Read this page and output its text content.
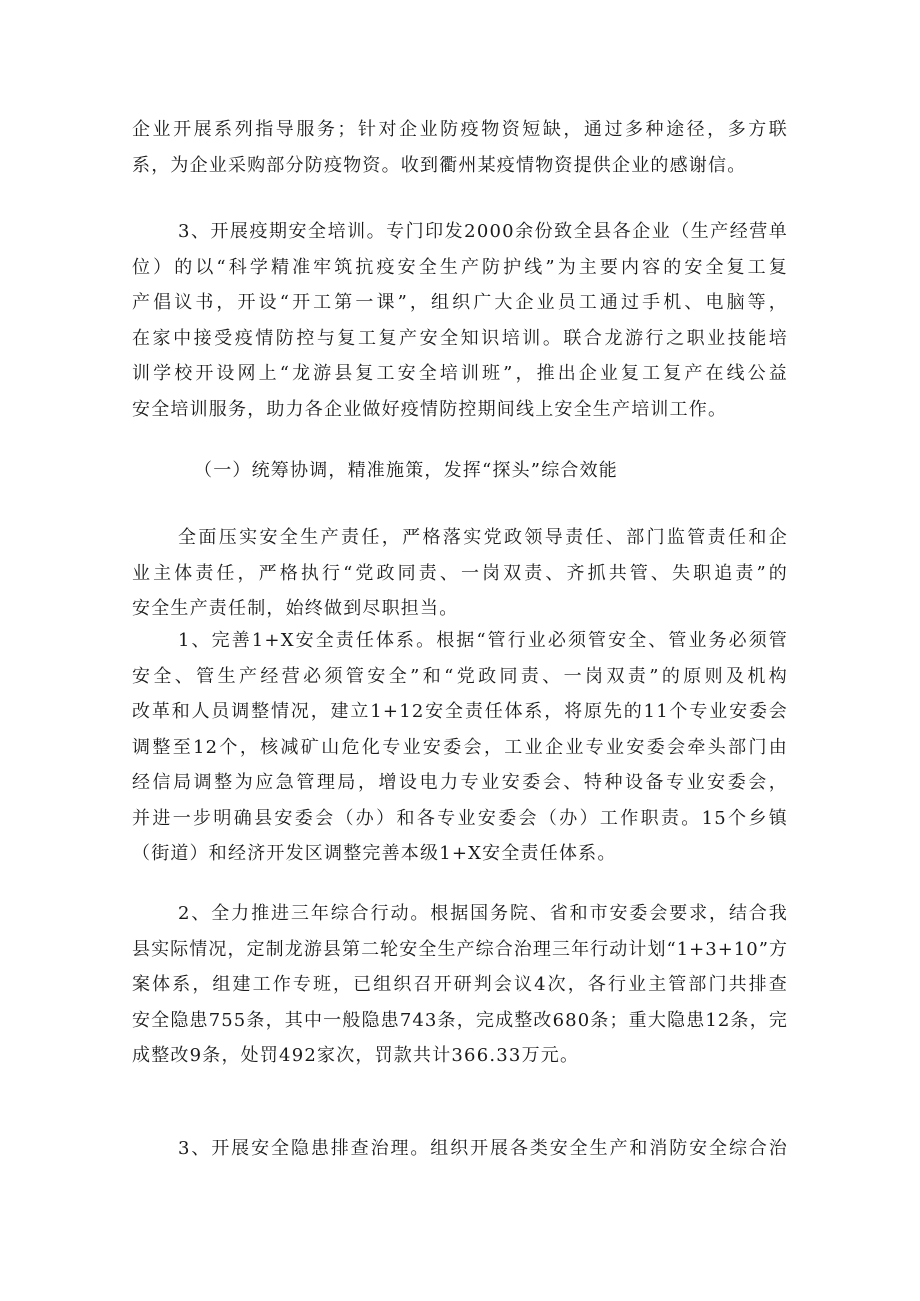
企业开展系列指导服务；针对企业防疫物资短缺，通过多种途径，多方联
系，为企业采购部分防疫物资。收到衢州某疫情物资提供企业的感谢信。
3、开展疫期安全培训。专门印发2000余份致全县各企业（生产经营单
位）的以“科学精准牢筑抗疫安全生产防护线”为主要内容的安全复工复
产倡议书，开设“开工第一课”，组织广大企业员工通过手机、电脑等，
在家中接受疫情防控与复工复产安全知识培训。联合龙游行之职业技能培
训学校开设网上“龙游县复工安全培训班”，推出企业复工复产在线公益
安全培训服务，助力各企业做好疫情防控期间线上安全生产培训工作。
（一）统筹协调，精准施策，发挥“探头”综合效能
全面压实安全生产责任，严格落实党政领导责任、部门监管责任和企
业主体责任，严格执行“党政同责、一岗双责、齐抓共管、失职追责”的
安全生产责任制，始终做到尽职担当。
1、完善1+X安全责任体系。根据“管行业必须管安全、管业务必须管
安全、管生产经营必须管安全”和“党政同责、一岗双责”的原则及机构
改革和人员调整情况，建立1+12安全责任体系，将原先的11个专业安委会
调整至12个，核减矿山危化专业安委会，工业企业专业安委会牵头部门由
经信局调整为应急管理局，增设电力专业安委会、特种设备专业安委会，
并进一步明确县安委会（办）和各专业安委会（办）工作职责。15个乡镇
（街道）和经济开发区调整完善本级1+X安全责任体系。
2、全力推进三年综合行动。根据国务院、省和市安委会要求，结合我
县实际情况，定制龙游县第二轮安全生产综合治理三年行动计划“1+3+10”方
案体系，组建工作专班，已组织召开研判会议4次，各行业主管部门共排查
安全隐患755条，其中一般隐患743条，完成整改680条；重大隐患12条，完
成整改9条，处罚492家次，罚款共计366.33万元。
3、开展安全隐患排查治理。组织开展各类安全生产和消防安全综合治
